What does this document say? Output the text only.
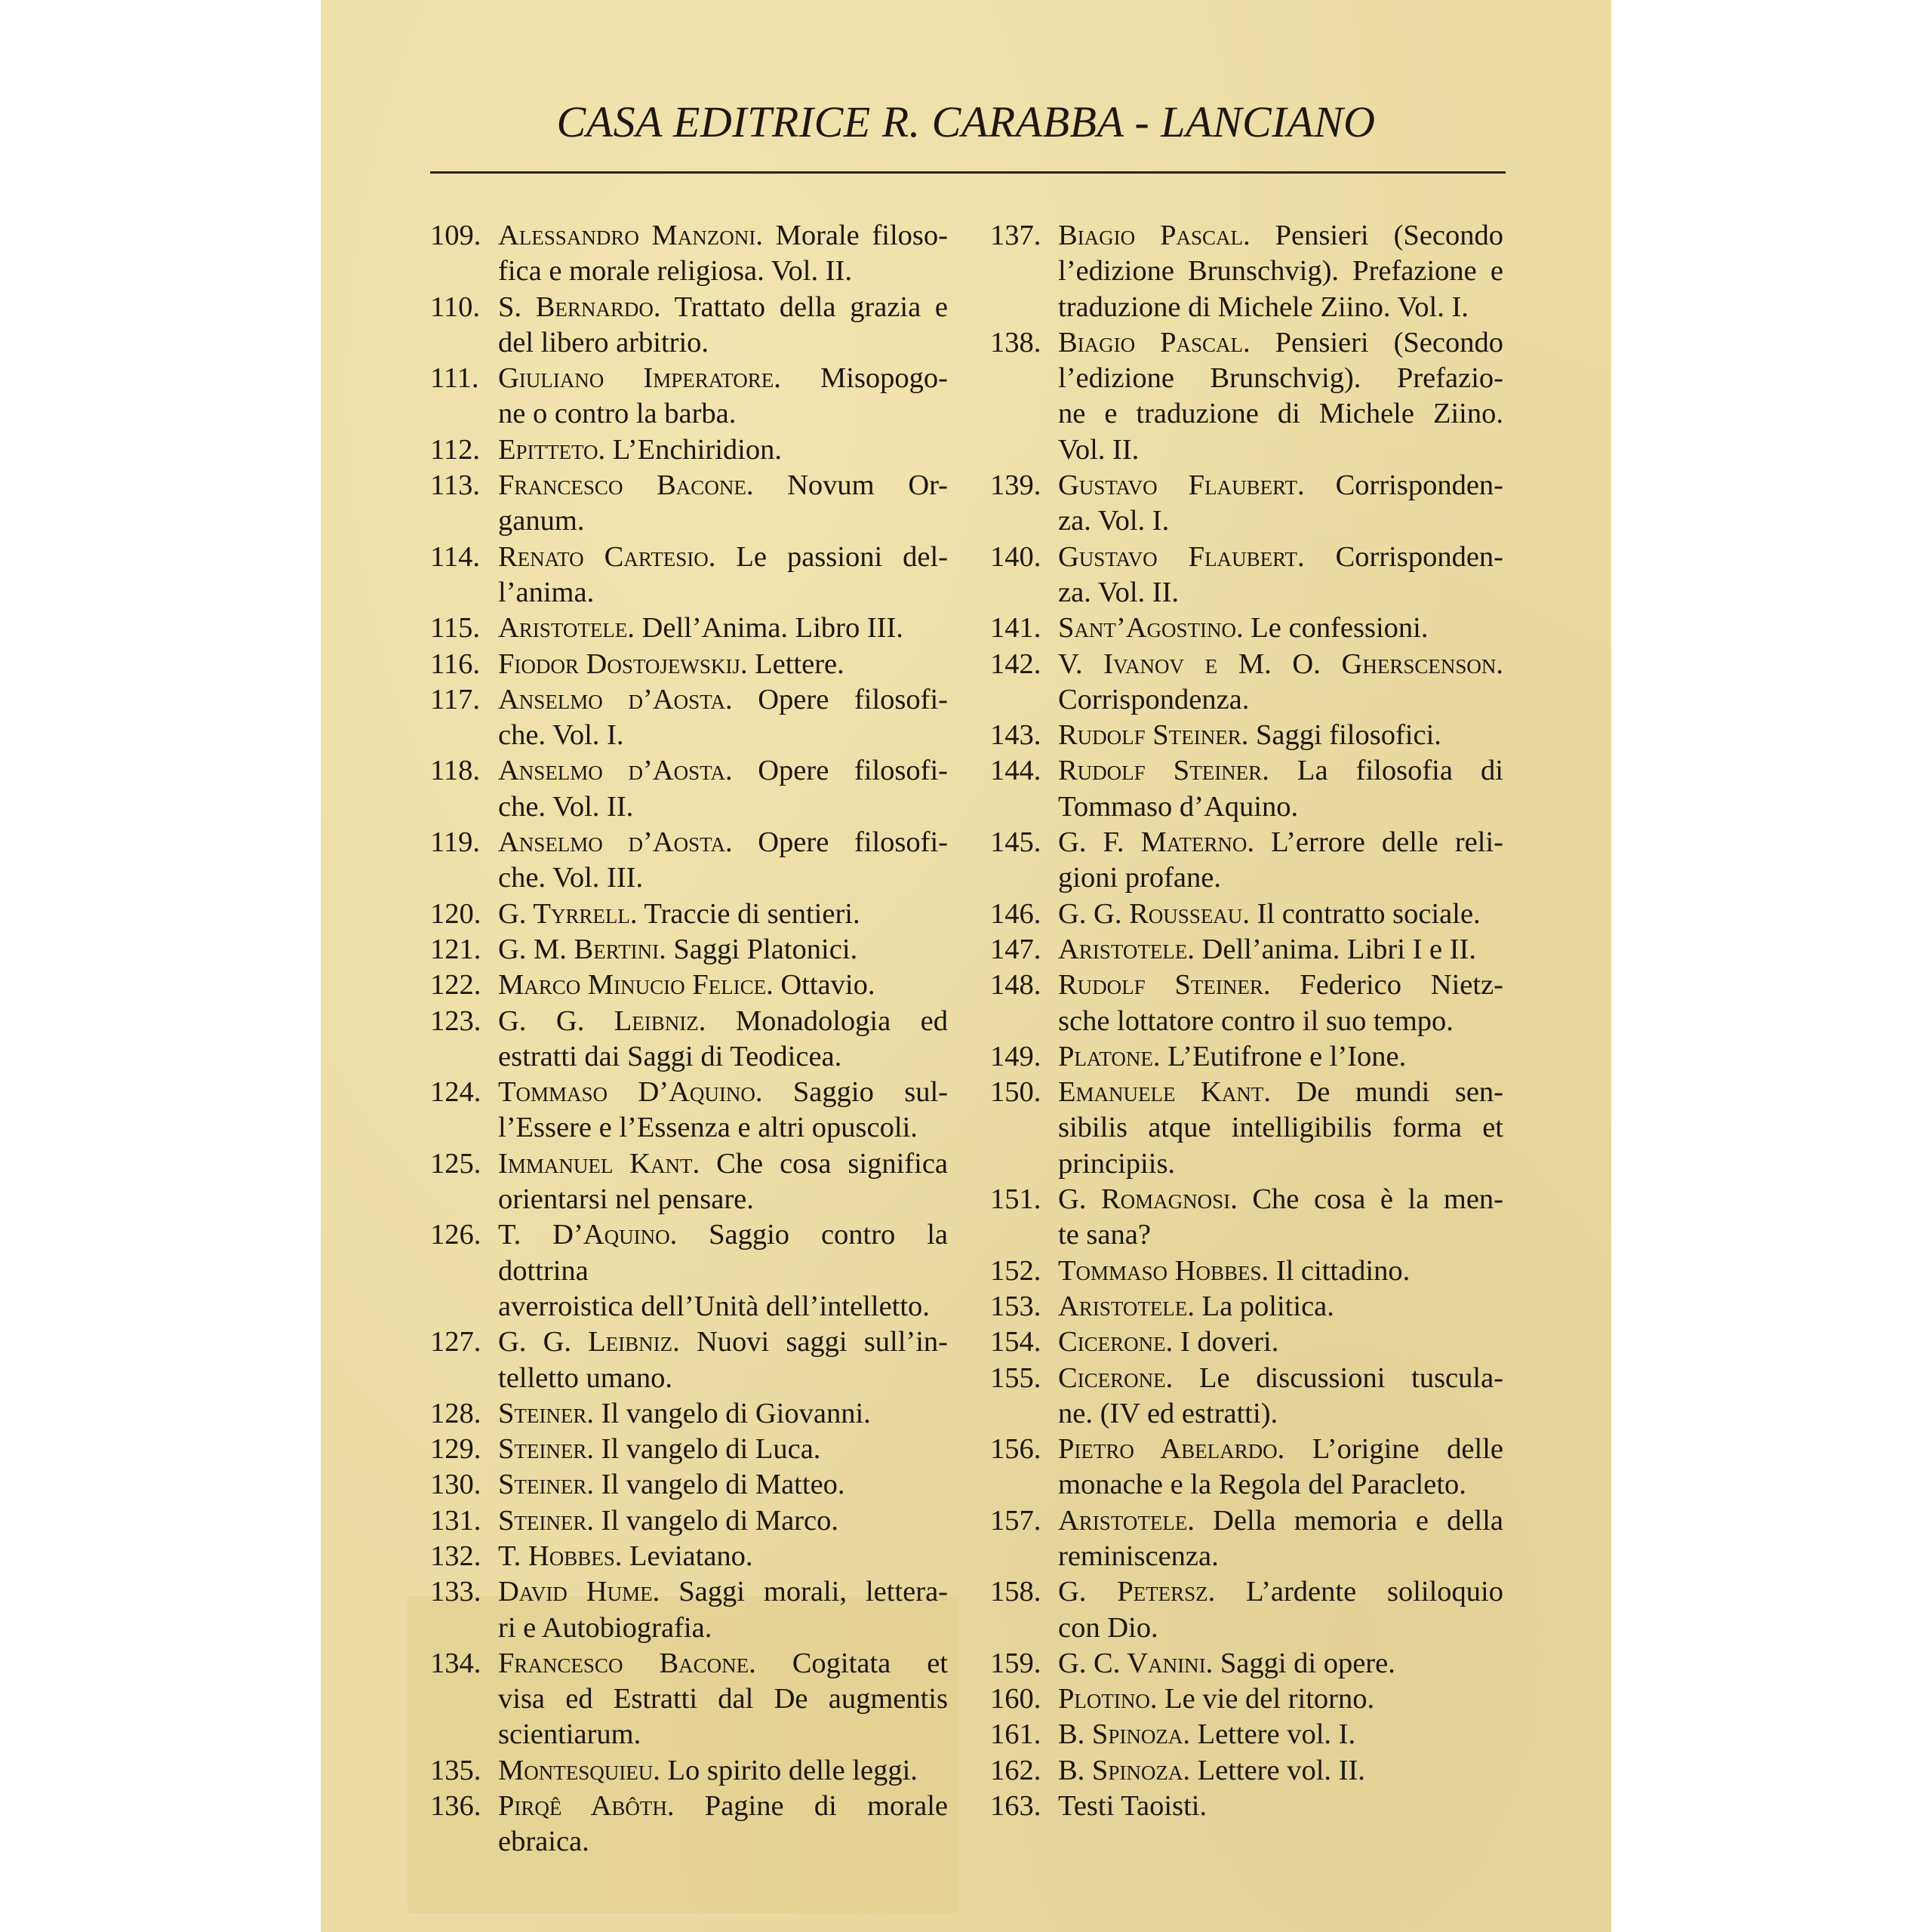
CASA EDITRICE R. CARABBA - LANCIANO
109. Alessandro Manzoni. Morale filoso-
fica e morale religiosa. Vol. II.
110. S. Bernardo. Trattato della grazia e
del libero arbitrio.
111. Giuliano Imperatore. Misopogo-
ne o contro la barba.
112. Epitteto. L’Enchiridion.
113. Francesco Bacone. Novum Or-
ganum.
114. Renato Cartesio. Le passioni del-
l’anima.
115. Aristotele. Dell’Anima. Libro III.
116. Fiodor Dostojewskij. Lettere.
117. Anselmo d’Aosta. Opere filosofi-
che. Vol. I.
118. Anselmo d’Aosta. Opere filosofi-
che. Vol. II.
119. Anselmo d’Aosta. Opere filosofi-
che. Vol. III.
120. G. Tyrrell. Traccie di sentieri.
121. G. M. Bertini. Saggi Platonici.
122. Marco Minucio Felice. Ottavio.
123. G. G. Leibniz. Monadologia ed
estratti dai Saggi di Teodicea.
124. Tommaso D’Aquino. Saggio sul-
l’Essere e l’Essenza e altri opuscoli.
125. Immanuel Kant. Che cosa significa
orientarsi nel pensare.
126. T. D’Aquino. Saggio contro la dottrina
averroistica dell’Unità dell’intelletto.
127. G. G. Leibniz. Nuovi saggi sull’in-
telletto umano.
128. Steiner. Il vangelo di Giovanni.
129. Steiner. Il vangelo di Luca.
130. Steiner. Il vangelo di Matteo.
131. Steiner. Il vangelo di Marco.
132. T. Hobbes. Leviatano.
133. David Hume. Saggi morali, lettera-
ri e Autobiografia.
134. Francesco Bacone. Cogitata et
visa ed Estratti dal De augmentis
scientiarum.
135. Montesquieu. Lo spirito delle leggi.
136. Pirqê Abôth. Pagine di morale
ebraica.
137. Biagio Pascal. Pensieri (Secondo
l’edizione Brunschvig). Prefazione e
traduzione di Michele Ziino. Vol. I.
138. Biagio Pascal. Pensieri (Secondo
l’edizione Brunschvig). Prefazio-
ne e traduzione di Michele Ziino.
Vol. II.
139. Gustavo Flaubert. Corrisponden-
za. Vol. I.
140. Gustavo Flaubert. Corrisponden-
za. Vol. II.
141. Sant’Agostino. Le confessioni.
142. V. Ivanov e M. O. Gherscenson.
Corrispondenza.
143. Rudolf Steiner. Saggi filosofici.
144. Rudolf Steiner. La filosofia di
Tommaso d’Aquino.
145. G. F. Materno. L’errore delle reli-
gioni profane.
146. G. G. Rousseau. Il contratto sociale.
147. Aristotele. Dell’anima. Libri I e II.
148. Rudolf Steiner. Federico Nietz-
sche lottatore contro il suo tempo.
149. Platone. L’Eutifrone e l’Ione.
150. Emanuele Kant. De mundi sen-
sibilis atque intelligibilis forma et
principiis.
151. G. Romagnosi. Che cosa è la men-
te sana?
152. Tommaso Hobbes. Il cittadino.
153. Aristotele. La politica.
154. Cicerone. I doveri.
155. Cicerone. Le discussioni tuscula-
ne. (IV ed estratti).
156. Pietro Abelardo. L’origine delle
monache e la Regola del Paracleto.
157. Aristotele. Della memoria e della
reminiscenza.
158. G. Petersz. L’ardente soliloquio
con Dio.
159. G. C. Vanini. Saggi di opere.
160. Plotino. Le vie del ritorno.
161. B. Spinoza. Lettere vol. I.
162. B. Spinoza. Lettere vol. II.
163. Testi Taoisti.
